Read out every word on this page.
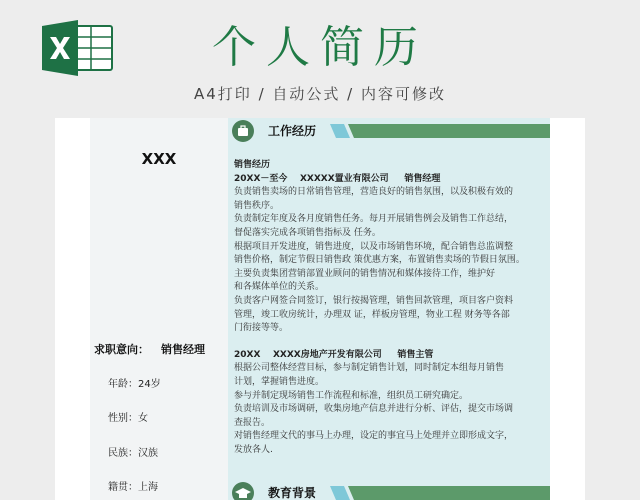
个人简历
A4打印 / 自动公式 / 内容可修改
XXX
求职意向： 销售经理
年龄：24岁
性别：女
民族：汉族
籍贯：上海
工作经历

销售经历

20XX－至今 XXXXX置业有限公司 销售经理

负责销售卖场的日常销售管理，营造良好的销售氛围，以及积极有效的

销售秩序。

负责制定年度及各月度销售任务。每月开展销售例会及销售工作总结，

督促落实完成各项销售指标及 任务。

根据项目开发进度，销售进度，以及市场销售环境，配合销售总监调整

销售价格，制定节假日销售政 策优惠方案，布置销售卖场的节假日氛围。

主要负责集团营销部置业顾问的销售情况和媒体接待工作，维护好

和各媒体单位的关系。

负责客户网签合同签订，银行按揭管理，销售回款管理，项目客户资料

管理，竣工收房统计，办理双 证，样板房管理，物业工程 财务等各部

门衔接等等。

20XX XXXX房地产开发有限公司 销售主管

根据公司整体经营目标，参与制定销售计划，同时制定本组每月销售

计划，掌握销售进度。

参与并制定现场销售工作流程和标准，组织员工研究确定。

负责培训及市场调研，收集房地产信息并进行分析、评估，提交市场调

查报告。

对销售经理文代的事马上办理，设定的事宜马上处理并立即形成文字，

发放各人.

教育背景
